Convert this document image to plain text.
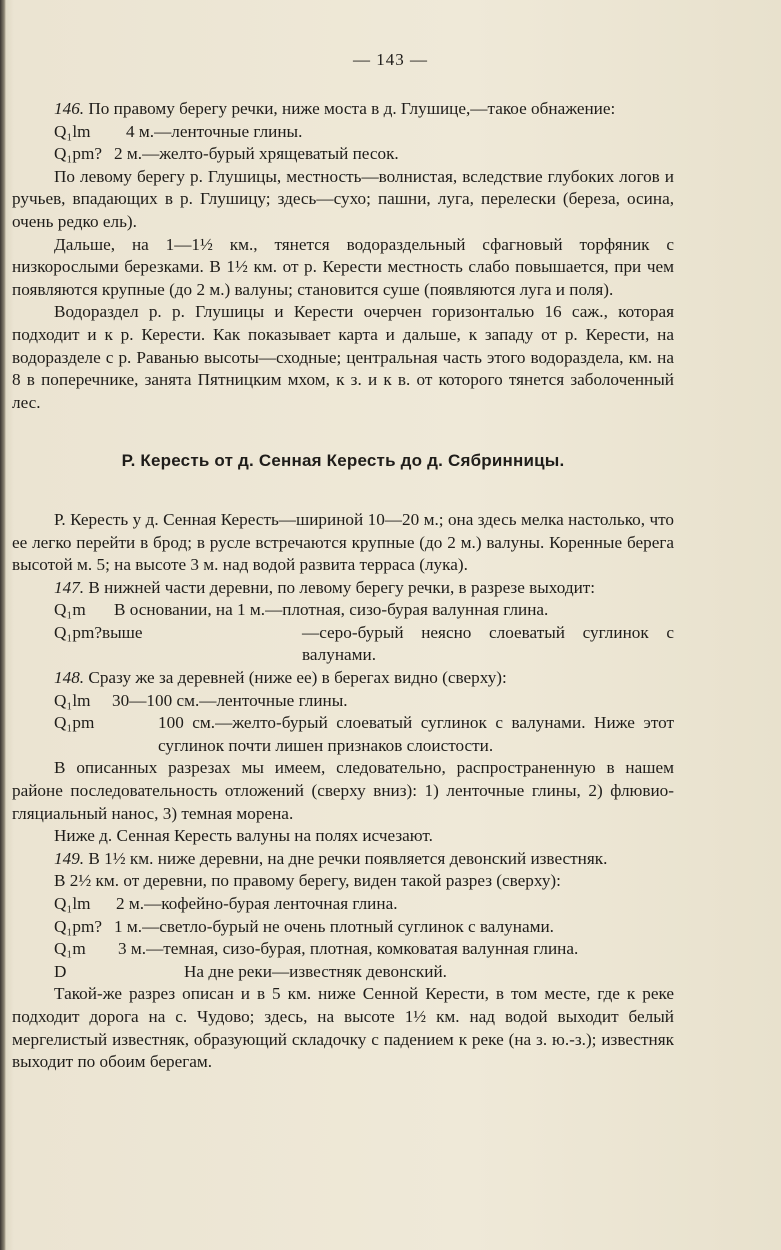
— 143 —

146. По правому берегу речки, ниже моста в д. Глушице,—такое обнажение:

Q₁lm	4 м.—ленточные глины.

Q₁pm? 2 м.—желто-бурый хрящеватый песок.

По левому берегу р. Глушицы, местность—волнистая, вследствие глубоких логов и ручьев, впадающих в р. Глушицу; здесь—сухо; пашни, луга, перелески (береза, осина, очень редко ель).

Дальше, на 1—1½ км., тянется водораздельный сфагновый торфяник с низкорослыми березками. В 1½ км. от р. Керести местность слабо повышается, при чем появляются крупные (до 2 м.) валуны; становится суше (появляются луга и поля).

Водораздел р. р. Глушицы и Керести очерчен горизонталью 16 саж., которая подходит и к р. Керести. Как показывает карта и дальше, к западу от р. Керести, на водоразделе с р. Раванью высоты—сходные; центральная часть этого водораздела, км. на 8 в поперечнике, занята Пятницким мхом, к з. и к в. от которого тянется заболоченный лес.

Р. Кересть от д. Сенная Кересть до д. Сябринницы.

Р. Кересть у д. Сенная Кересть—шириной 10—20 м.; она здесь мелка настолько, что ее легко перейти в брод; в русле встречаются крупные (до 2 м.) валуны. Коренные берега высотой м. 5; на высоте 3 м. над водой развита терраса (лука).

147. В нижней части деревни, по левому берегу речки, в разрезе выходит:

Q₁m	В основании, на 1 м.—плотная, сизо-бурая валунная глина.

Q₁pm?выше	—серо-бурый неясно слоеватый суглинок с валунами.

148. Сразу же за деревней (ниже ее) в берегах видно (сверху):

Q₁lm	30—100 см.—ленточные глины.

Q₁pm	100 см.—желто-бурый слоеватый суглинок с валунами. Ниже этот суглинок почти лишен признаков слоистости.

В описанных разрезах мы имеем, следовательно, распространенную в нашем районе последовательность отложений (сверху вниз): 1) ленточные глины, 2) флювио-гляциальный нанос, 3) темная морена.

Ниже д. Сенная Кересть валуны на полях исчезают.

149. В 1½ км. ниже деревни, на дне речки появляется девонский известняк.

В 2½ км. от деревни, по правому берегу, виден такой разрез (сверху):

Q₁lm	2 м.—кофейно-бурая ленточная глина.

Q₁pm? 1 м.—светло-бурый не очень плотный суглинок с валунами.

Q₁m	3 м.—темная, сизо-бурая, плотная, комковатая валунная глина.

D	На дне реки—известняк девонский.

Такой-же разрез описан и в 5 км. ниже Сенной Керести, в том месте, где к реке подходит дорога на с. Чудово; здесь, на высоте 1½ км. над водой выходит белый мергелистый известняк, образующий складочку с падением к реке (на з. ю.-з.); известняк выходит по обоим берегам.
